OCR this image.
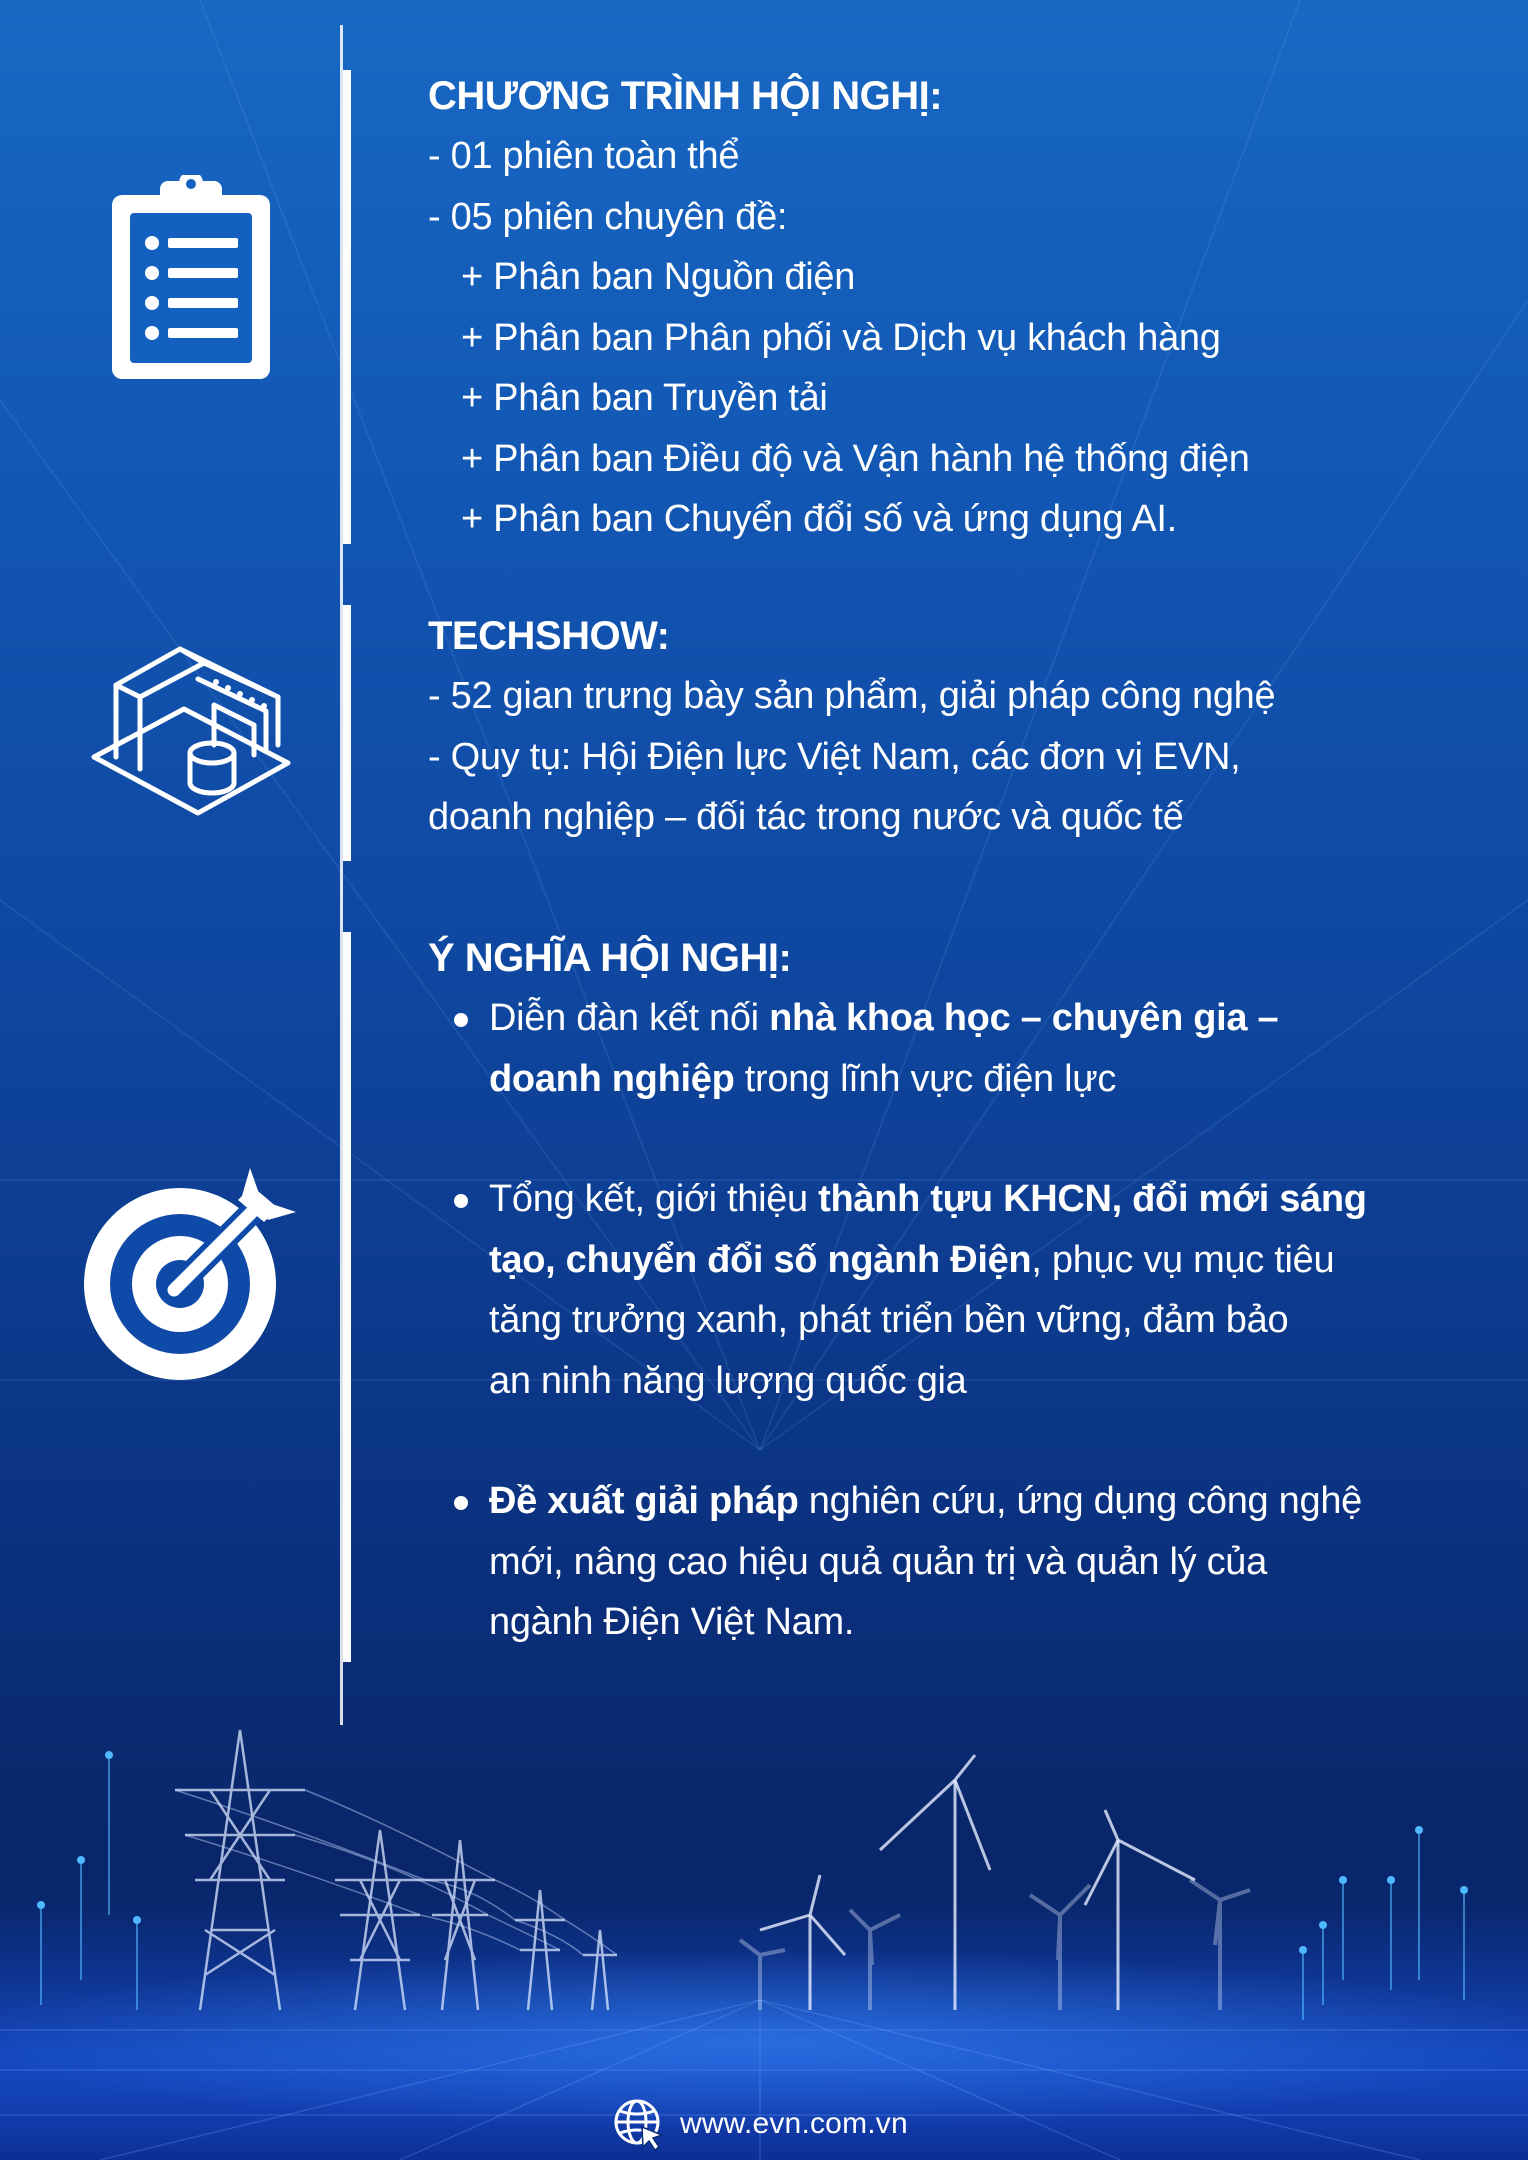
CHƯƠNG TRÌNH HỘI NGHỊ:
- 01 phiên toàn thể
- 05 phiên chuyên đề:
+ Phân ban Nguồn điện
+ Phân ban Phân phối và Dịch vụ khách hàng
+ Phân ban Truyền tải
+ Phân ban Điều độ và Vận hành hệ thống điện
+ Phân ban Chuyển đổi số và ứng dụng AI.
TECHSHOW:
- 52 gian trưng bày sản phẩm, giải pháp công nghệ
- Quy tụ: Hội Điện lực Việt Nam, các đơn vị EVN,
doanh nghiệp – đối tác trong nước và quốc tế
Ý NGHĨA HỘI NGHỊ:
Diễn đàn kết nối nhà khoa học – chuyên gia –
doanh nghiệp trong lĩnh vực điện lực
Tổng kết, giới thiệu thành tựu KHCN, đổi mới sáng
tạo, chuyển đổi số ngành Điện, phục vụ mục tiêu
tăng trưởng xanh, phát triển bền vững, đảm bảo
an ninh năng lượng quốc gia
Đề xuất giải pháp nghiên cứu, ứng dụng công nghệ
mới, nâng cao hiệu quả quản trị và quản lý của
ngành Điện Việt Nam.
www.evn.com.vn
